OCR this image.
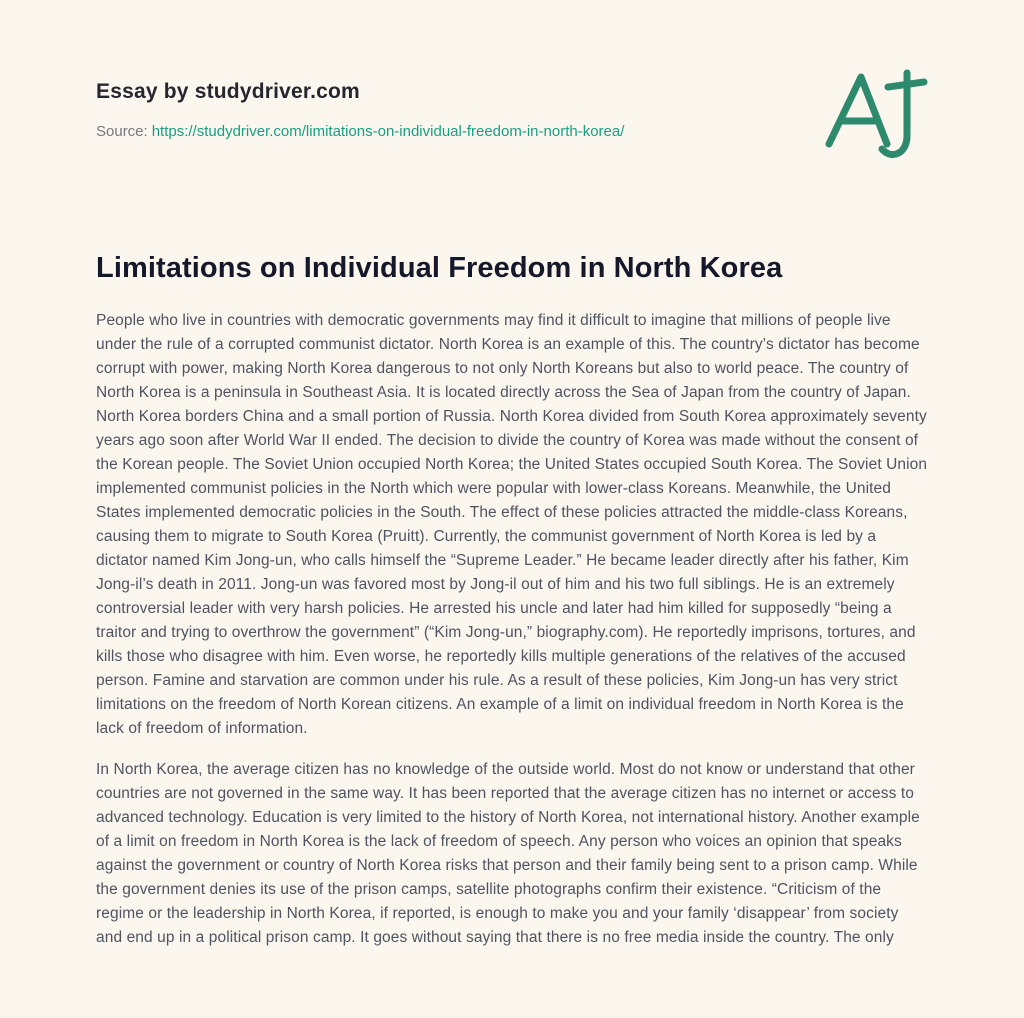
Essay by studydriver.com
Source: https://studydriver.com/limitations-on-individual-freedom-in-north-korea/
Limitations on Individual Freedom in North Korea

People who live in countries with democratic governments may find it difficult to imagine that millions of people live under the rule of a corrupted communist dictator. North Korea is an example of this. The country’s dictator has become corrupt with power, making North Korea dangerous to not only North Koreans but also to world peace. The country of North Korea is a peninsula in Southeast Asia. It is located directly across the Sea of Japan from the country of Japan. North Korea borders China and a small portion of Russia. North Korea divided from South Korea approximately seventy years ago soon after World War II ended. The decision to divide the country of Korea was made without the consent of the Korean people. The Soviet Union occupied North Korea; the United States occupied South Korea. The Soviet Union implemented communist policies in the North which were popular with lower-class Koreans. Meanwhile, the United States implemented democratic policies in the South. The effect of these policies attracted the middle-class Koreans, causing them to migrate to South Korea (Pruitt). Currently, the communist government of North Korea is led by a dictator named Kim Jong-un, who calls himself the “Supreme Leader.” He became leader directly after his father, Kim Jong-il’s death in 2011. Jong-un was favored most by Jong-il out of him and his two full siblings. He is an extremely controversial leader with very harsh policies. He arrested his uncle and later had him killed for supposedly “being a traitor and trying to overthrow the government” (“Kim Jong-un,” biography.com). He reportedly imprisons, tortures, and kills those who disagree with him. Even worse, he reportedly kills multiple generations of the relatives of the accused person. Famine and starvation are common under his rule. As a result of these policies, Kim Jong-un has very strict limitations on the freedom of North Korean citizens. An example of a limit on individual freedom in North Korea is the lack of freedom of information.

In North Korea, the average citizen has no knowledge of the outside world. Most do not know or understand that other countries are not governed in the same way. It has been reported that the average citizen has no internet or access to advanced technology. Education is very limited to the history of North Korea, not international history. Another example of a limit on freedom in North Korea is the lack of freedom of speech. Any person who voices an opinion that speaks against the government or country of North Korea risks that person and their family being sent to a prison camp. While the government denies its use of the prison camps, satellite photographs confirm their existence. “Criticism of the regime or the leadership in North Korea, if reported, is enough to make you and your family ‘disappear’ from society and end up in a political prison camp. It goes without saying that there is no free media inside the country. The only
